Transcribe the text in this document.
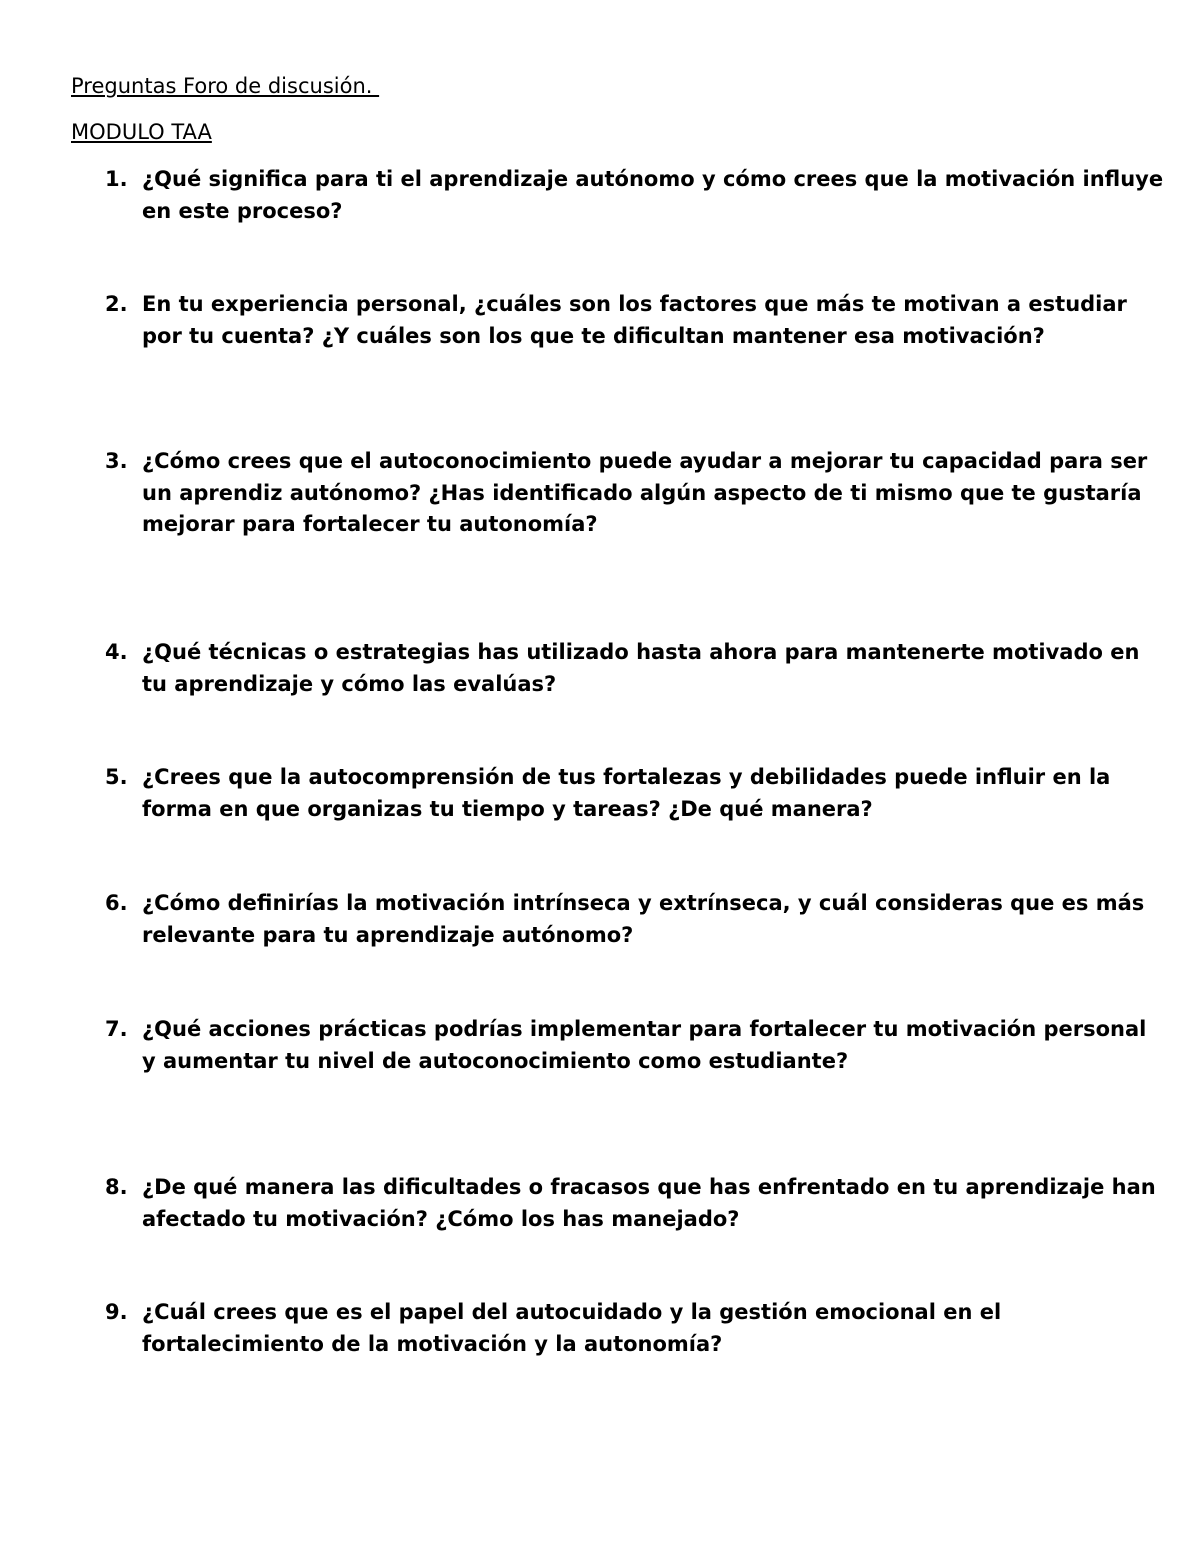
Preguntas Foro de discusión.
MODULO TAA
1. ¿Qué significa para ti el aprendizaje autónomo y cómo crees que la motivación influye en este proceso?
2. En tu experiencia personal, ¿cuáles son los factores que más te motivan a estudiar por tu cuenta? ¿Y cuáles son los que te dificultan mantener esa motivación?
3. ¿Cómo crees que el autoconocimiento puede ayudar a mejorar tu capacidad para ser un aprendiz autónomo? ¿Has identificado algún aspecto de ti mismo que te gustaría mejorar para fortalecer tu autonomía?
4. ¿Qué técnicas o estrategias has utilizado hasta ahora para mantenerte motivado en tu aprendizaje y cómo las evalúas?
5. ¿Crees que la autocomprensión de tus fortalezas y debilidades puede influir en la forma en que organizas tu tiempo y tareas? ¿De qué manera?
6. ¿Cómo definirías la motivación intrínseca y extrínseca, y cuál consideras que es más relevante para tu aprendizaje autónomo?
7. ¿Qué acciones prácticas podrías implementar para fortalecer tu motivación personal y aumentar tu nivel de autoconocimiento como estudiante?
8. ¿De qué manera las dificultades o fracasos que has enfrentado en tu aprendizaje han afectado tu motivación? ¿Cómo los has manejado?
9. ¿Cuál crees que es el papel del autocuidado y la gestión emocional en el fortalecimiento de la motivación y la autonomía?
